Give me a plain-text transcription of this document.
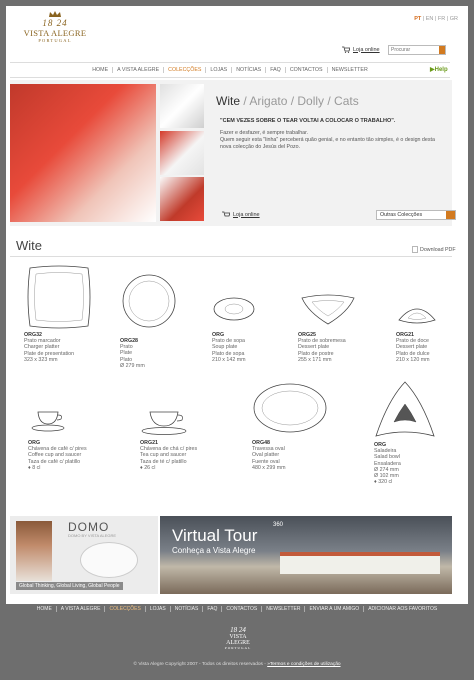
18 24
VISTA ALEGRE
PORTUGAL
PT | EN | FR | GR
Loja online
Procurar
HOME	A VISTA ALEGRE	COLECÇÕES	LOJAS	NOTÍCIAS	FAQ	CONTACTOS	NEWSLETTER	▶Help
Wite / Arigato / Dolly / Cats
"CEM VEZES SOBRE O TEAR VOLTAI A COLOCAR O TRABALHO".
Fazer e desfazer, é sempre trabalhar.
Quem seguir esta "linha" perceberá quão genial, e no entanto tão simples, é o design desta nova colecção do Jesús del Pozo.
Loja online	Outras Colecções
Wite	Download PDF
ORG32
Prato marcador
Charger platter
Plate de presentation
323 x 323 mm
ORG28
Prato
Plate
Plato
Ø 279 mm
ORG
Prato de sopa
Soup plate
Plato de sopa
210 x 142 mm
ORG25
Prato de sobremesa
Dessert plate
Plato de postre
255 x 171 mm
ORG21
Prato de doce
Dessert plate
Plato de dulce
210 x 120 mm
ORG
Chávena de café c/ pires
Coffee cup and saucer
Taza de café c/ platillo
♦ 8 cl
ORG21
Chávena de chá c/ pires
Tea cup and saucer
Taza de té c/ platillo
♦ 26 cl
ORG48
Travessa oval
Oval platter
Fuente oval
480 x 299 mm
ORG
Saladeira
Salad bowl
Ensaladera
Ø 274 mm
Ø 102 mm
♦ 320 cl
DOMO
DOMO BY VISTA ALEGRE
Global Thinking, Global Living, Global People
Virtual Tour
360
Conheça a Vista Alegre
HOME A VISTA ALEGRE COLECÇÕES LOJAS NOTÍCIAS FAQ CONTACTOS NEWSLETTER ENVIAR A UM AMIGO ADICIONAR AOS FAVORITOS
18 24
VISTA ALEGRE
PORTUGAL
© Vista Alegre Copyright 2007 - Todos os direitos reservados - »Termos e condições de utilização
